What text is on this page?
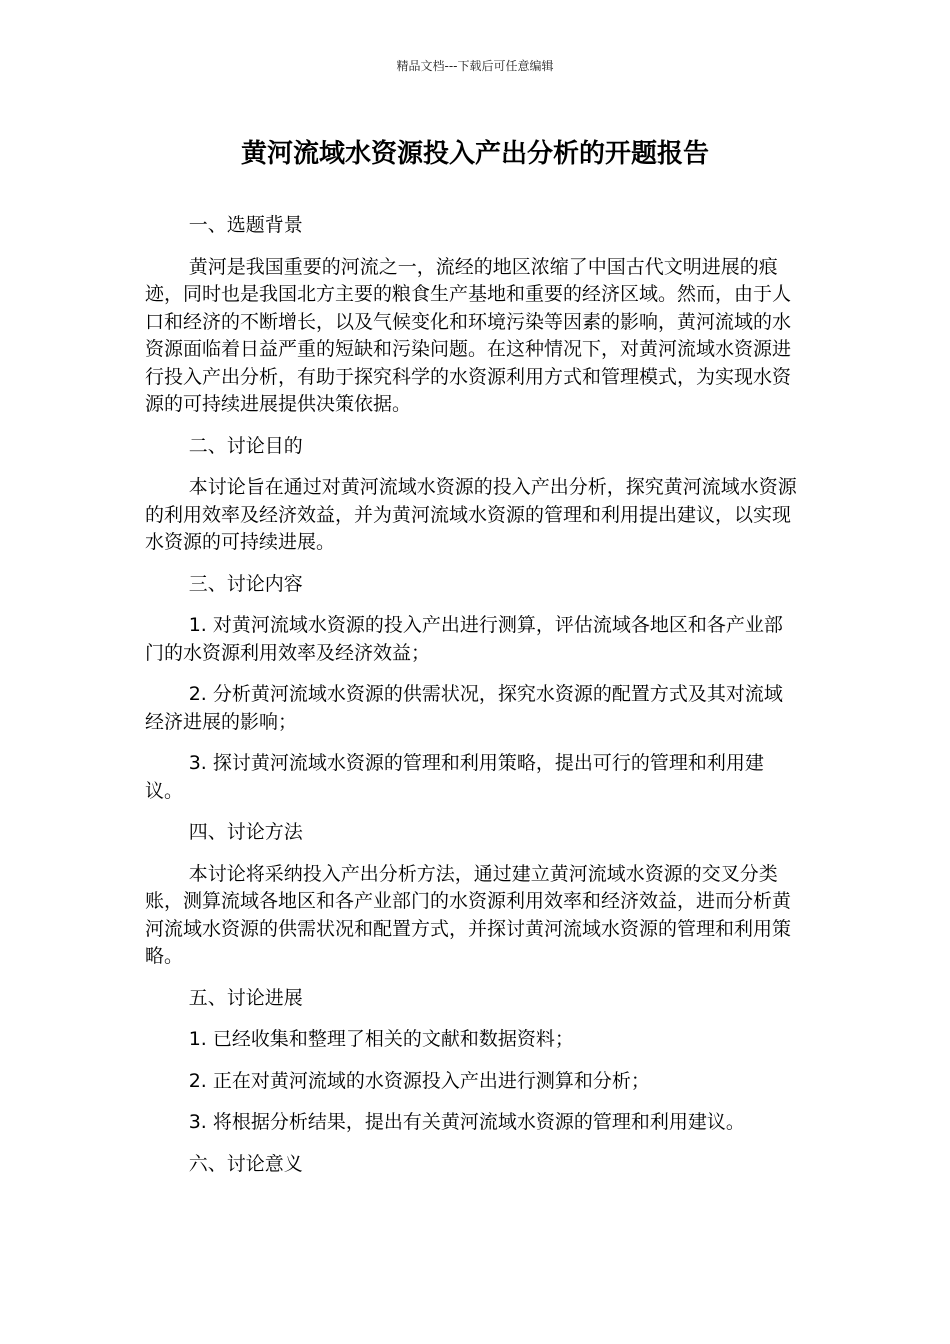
精品文档---下载后可任意编辑
黄河流域水资源投入产出分析的开题报告

一、选题背景

黄河是我国重要的河流之一，流经的地区浓缩了中国古代文明进展的痕迹，同时也是我国北方主要的粮食生产基地和重要的经济区域。然而，由于人口和经济的不断增长，以及气候变化和环境污染等因素的影响，黄河流域的水资源面临着日益严重的短缺和污染问题。在这种情况下，对黄河流域水资源进行投入产出分析，有助于探究科学的水资源利用方式和管理模式，为实现水资源的可持续进展提供决策依据。

二、讨论目的

本讨论旨在通过对黄河流域水资源的投入产出分析，探究黄河流域水资源的利用效率及经济效益，并为黄河流域水资源的管理和利用提出建议，以实现水资源的可持续进展。

三、讨论内容

1. 对黄河流域水资源的投入产出进行测算，评估流域各地区和各产业部门的水资源利用效率及经济效益；

2. 分析黄河流域水资源的供需状况，探究水资源的配置方式及其对流域经济进展的影响；

3. 探讨黄河流域水资源的管理和利用策略，提出可行的管理和利用建议。

四、讨论方法

本讨论将采纳投入产出分析方法，通过建立黄河流域水资源的交叉分类账，测算流域各地区和各产业部门的水资源利用效率和经济效益，进而分析黄河流域水资源的供需状况和配置方式，并探讨黄河流域水资源的管理和利用策略。

五、讨论进展

1. 已经收集和整理了相关的文献和数据资料；

2. 正在对黄河流域的水资源投入产出进行测算和分析；

3. 将根据分析结果，提出有关黄河流域水资源的管理和利用建议。

六、讨论意义
